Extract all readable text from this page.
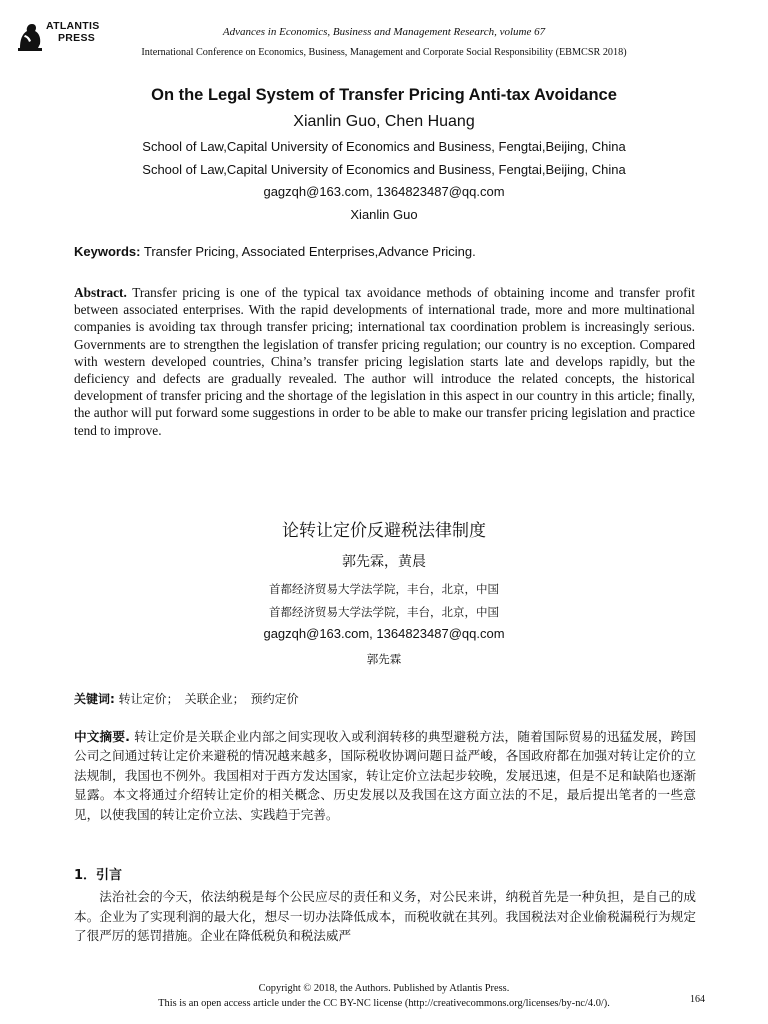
ATLANTIS
PRESS	Advances in Economics, Business and Management Research, volume 67
International Conference on Economics, Business, Management and Corporate Social Responsibility (EBMCSR 2018)
On the Legal System of Transfer Pricing Anti-tax Avoidance
Xianlin Guo, Chen Huang
School of Law,Capital University of Economics and Business, Fengtai,Beijing, China
School of Law,Capital University of Economics and Business, Fengtai,Beijing, China
gagzqh@163.com, 1364823487@qq.com
Xianlin Guo
Keywords: Transfer Pricing, Associated Enterprises,Advance Pricing.
Abstract. Transfer pricing is one of the typical tax avoidance methods of obtaining income and transfer profit between associated enterprises. With the rapid developments of international trade, more and more multinational companies is avoiding tax through transfer pricing; international tax coordination problem is increasingly serious. Governments are to strengthen the legislation of transfer pricing regulation; our country is no exception. Compared with western developed countries, China’s transfer pricing legislation starts late and develops rapidly, but the deficiency and defects are gradually revealed. The author will introduce the related concepts, the historical development of transfer pricing and the shortage of the legislation in this aspect in our country in this article; finally, the author will put forward some suggestions in order to be able to make our transfer pricing legislation and practice tend to improve.
论转让定价反避税法律制度
郭先霖，黄晨
首都经济贸易大学法学院，丰台，北京，中国
首都经济贸易大学法学院，丰台，北京，中国
gagzqh@163.com, 1364823487@qq.com
郭先霖
关键词: 转让定价；　关联企业；　预约定价
中文摘要. 转让定价是关联企业内部之间实现收入或利润转移的典型避税方法，随着国际贸易的迅猛发展，跨国公司之间通过转让定价来避税的情况越来越多，国际税收协调问题日益严峻，各国政府都在加强对转让定价的立法规制，我国也不例外。我国相对于西方发达国家，转让定价立法起步较晚，发展迅速，但是不足和缺陷也逐渐显露。本文将通过介绍转让定价的相关概念、历史发展以及我国在这方面立法的不足，最后提出笔者的一些意见，以使我国的转让定价立法、实践趋于完善。
1．引言
法治社会的今天，依法纳税是每个公民应尽的责任和义务，对公民来讲，纳税首先是一种负担，是自己的成本。企业为了实现利润的最大化，想尽一切办法降低成本，而税收就在其列。我国税法对企业偷税漏税行为规定了很严厉的惩罚措施。企业在降低税负和税法威严
Copyright © 2018, the Authors. Published by Atlantis Press.
This is an open access article under the CC BY-NC license (http://creativecommons.org/licenses/by-nc/4.0/).	164
